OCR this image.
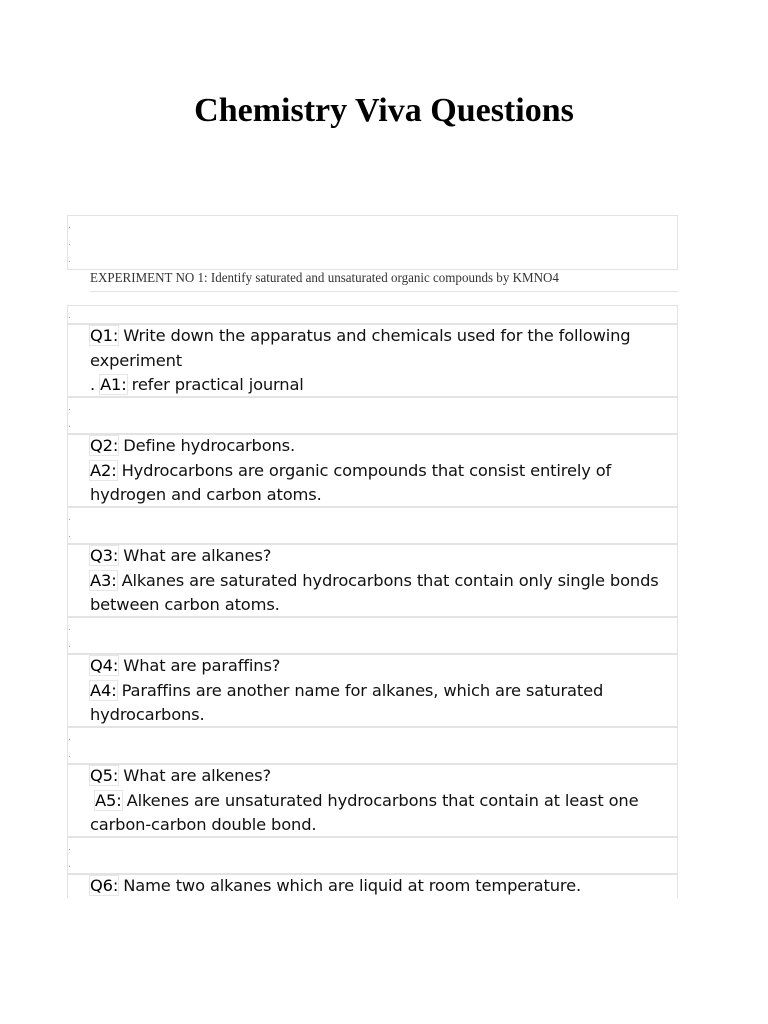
Chemistry Viva Questions
.
.
.
EXPERIMENT NO 1: Identify saturated and unsaturated organic compounds by KMNO4
.
Q1: Write down the apparatus and chemicals used for the following experiment
. A1: refer practical journal
.
.
Q2: Define hydrocarbons.
A2: Hydrocarbons are organic compounds that consist entirely of hydrogen and carbon atoms.
.
.
Q3: What are alkanes?
A3: Alkanes are saturated hydrocarbons that contain only single bonds between carbon atoms.
.
.
Q4: What are paraffins?
A4: Paraffins are another name for alkanes, which are saturated hydrocarbons.
.
.
Q5: What are alkenes?
A5: Alkenes are unsaturated hydrocarbons that contain at least one carbon-carbon double bond.
.
.
Q6: Name two alkanes which are liquid at room temperature.
